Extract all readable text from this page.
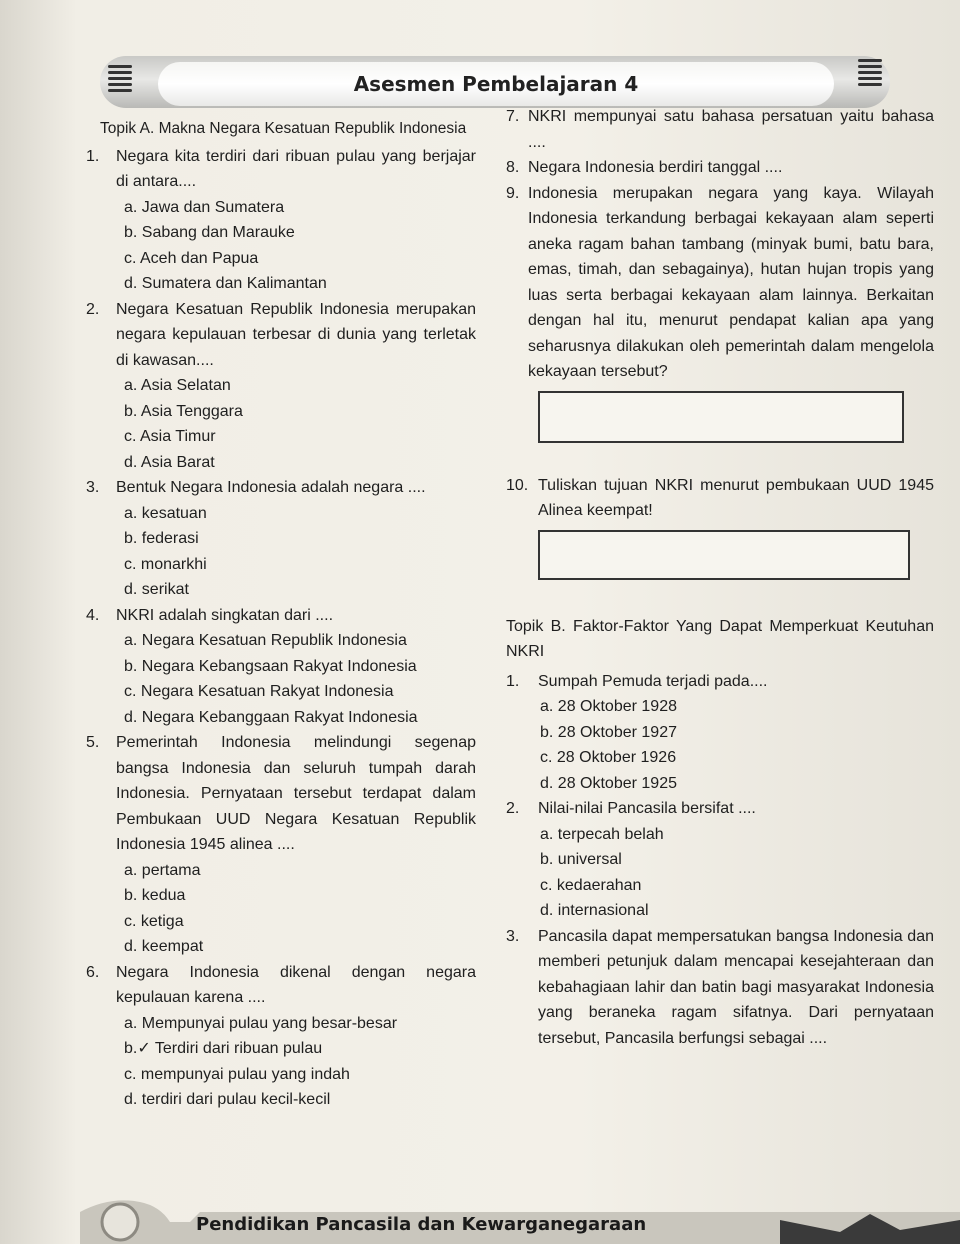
Asesmen Pembelajaran 4
Topik A. Makna Negara Kesatuan Republik Indonesia
1.	Negara kita terdiri dari ribuan pulau yang berjajar di antara....
a. Jawa dan Sumatera
b. Sabang dan Marauke
c. Aceh dan Papua
d. Sumatera dan Kalimantan
2.	Negara Kesatuan Republik Indonesia merupakan negara kepulauan terbesar di dunia yang terletak di kawasan....
a. Asia Selatan
b. Asia Tenggara
c. Asia Timur
d. Asia Barat
3.	Bentuk Negara Indonesia adalah negara ....
a. kesatuan
b. federasi
c. monarkhi
d. serikat
4.	NKRI adalah singkatan dari ....
a. Negara Kesatuan Republik Indonesia
b. Negara Kebangsaan Rakyat Indonesia
c. Negara Kesatuan Rakyat Indonesia
d. Negara Kebanggaan Rakyat Indonesia
5.	Pemerintah Indonesia melindungi segenap bangsa Indonesia dan seluruh tumpah darah Indonesia. Pernyataan tersebut terdapat dalam Pembukaan UUD Negara Kesatuan Republik Indonesia 1945 alinea ....
a. pertama
b. kedua
c. ketiga
d. keempat
6.	Negara Indonesia dikenal dengan negara kepulauan karena ....
a. Mempunyai pulau yang besar-besar
b.✓ Terdiri dari ribuan pulau
c. mempunyai pulau yang indah
d. terdiri dari pulau kecil-kecil
7. NKRI mempunyai satu bahasa persatuan yaitu bahasa ....
8. Negara Indonesia berdiri tanggal ....
9. Indonesia merupakan negara yang kaya. Wilayah Indonesia terkandung berbagai kekayaan alam seperti aneka ragam bahan tambang (minyak bumi, batu bara, emas, timah, dan sebagainya), hutan hujan tropis yang luas serta berbagai kekayaan alam lainnya. Berkaitan dengan hal itu, menurut pendapat kalian apa yang seharusnya dilakukan oleh pemerintah dalam mengelola kekayaan tersebut?
10. Tuliskan tujuan NKRI menurut pembukaan UUD 1945 Alinea keempat!
Topik B. Faktor-Faktor Yang Dapat Memperkuat Keutuhan NKRI
1.	Sumpah Pemuda terjadi pada....
a. 28 Oktober 1928
b. 28 Oktober 1927
c. 28 Oktober 1926
d. 28 Oktober 1925
2.	Nilai-nilai Pancasila bersifat ....
a. terpecah belah
b. universal
c. kedaerahan
d. internasional
3.	Pancasila dapat mempersatukan bangsa Indonesia dan memberi petunjuk dalam mencapai kesejahteraan dan kebahagiaan lahir dan batin bagi masyarakat Indonesia yang beraneka ragam sifatnya. Dari pernyataan tersebut, Pancasila berfungsi sebagai ....
Pendidikan Pancasila dan Kewarganegaraan
